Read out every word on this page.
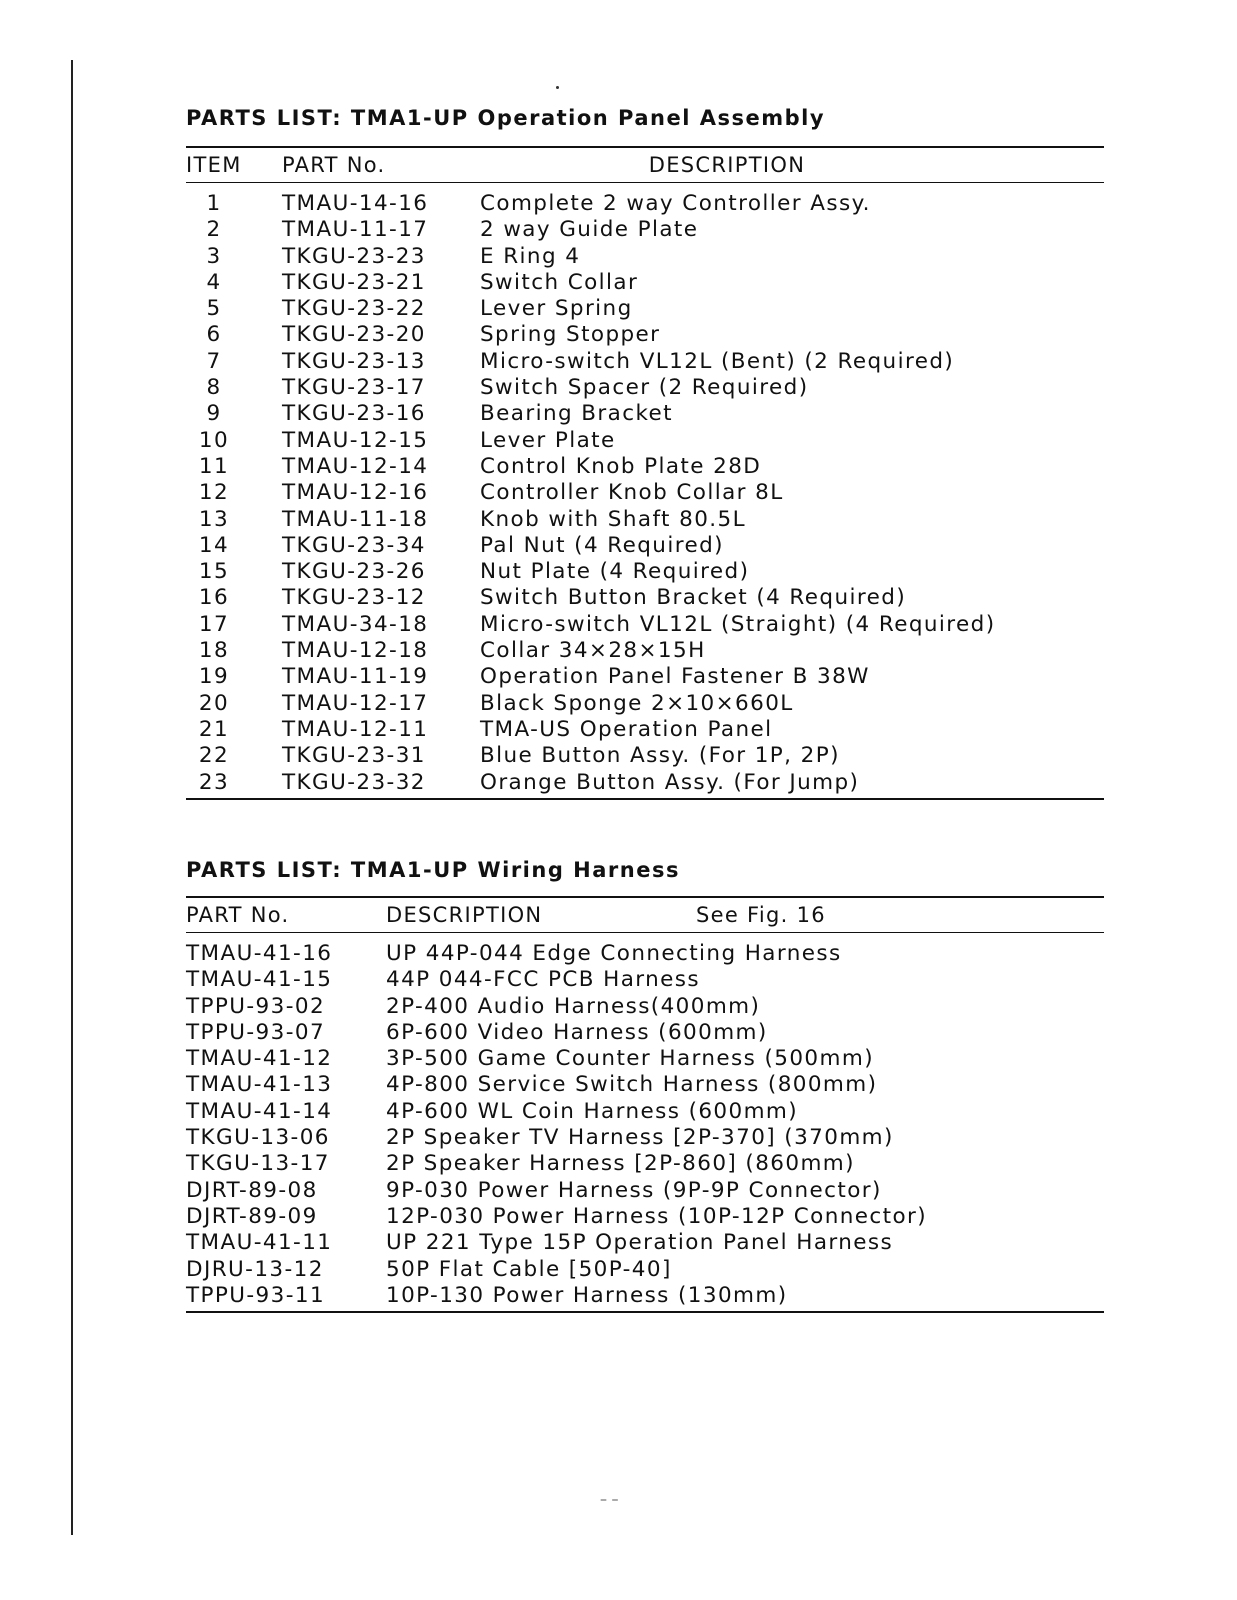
PARTS LIST: TMA1-UP Operation Panel Assembly
ITEM	PART No.	DESCRIPTION
1	TMAU-14-16	Complete 2 way Controller Assy.
2	TMAU-11-17	2 way Guide Plate
3	TKGU-23-23	E Ring 4
4	TKGU-23-21	Switch Collar
5	TKGU-23-22	Lever Spring
6	TKGU-23-20	Spring Stopper
7	TKGU-23-13	Micro-switch VL12L (Bent) (2 Required)
8	TKGU-23-17	Switch Spacer (2 Required)
9	TKGU-23-16	Bearing Bracket
10	TMAU-12-15	Lever Plate
11	TMAU-12-14	Control Knob Plate 28D
12	TMAU-12-16	Controller Knob Collar 8L
13	TMAU-11-18	Knob with Shaft 80.5L
14	TKGU-23-34	Pal Nut (4 Required)
15	TKGU-23-26	Nut Plate (4 Required)
16	TKGU-23-12	Switch Button Bracket (4 Required)
17	TMAU-34-18	Micro-switch VL12L (Straight) (4 Required)
18	TMAU-12-18	Collar 34×28×15H
19	TMAU-11-19	Operation Panel Fastener B 38W
20	TMAU-12-17	Black Sponge 2×10×660L
21	TMAU-12-11	TMA-US Operation Panel
22	TKGU-23-31	Blue Button Assy. (For 1P, 2P)
23	TKGU-23-32	Orange Button Assy. (For Jump)
PARTS LIST: TMA1-UP Wiring Harness
PART No.	DESCRIPTION	See Fig. 16
TMAU-41-16	UP 44P-044 Edge Connecting Harness
TMAU-41-15	44P 044-FCC PCB Harness
TPPU-93-02	2P-400 Audio Harness(400mm)
TPPU-93-07	6P-600 Video Harness (600mm)
TMAU-41-12	3P-500 Game Counter Harness (500mm)
TMAU-41-13	4P-800 Service Switch Harness (800mm)
TMAU-41-14	4P-600 WL Coin Harness (600mm)
TKGU-13-06	2P Speaker TV Harness [2P-370] (370mm)
TKGU-13-17	2P Speaker Harness [2P-860] (860mm)
DJRT-89-08	9P-030 Power Harness (9P-9P Connector)
DJRT-89-09	12P-030 Power Harness (10P-12P Connector)
TMAU-41-11	UP 221 Type 15P Operation Panel Harness
DJRU-13-12	50P Flat Cable [50P-40]
TPPU-93-11	10P-130 Power Harness (130mm)
– –
